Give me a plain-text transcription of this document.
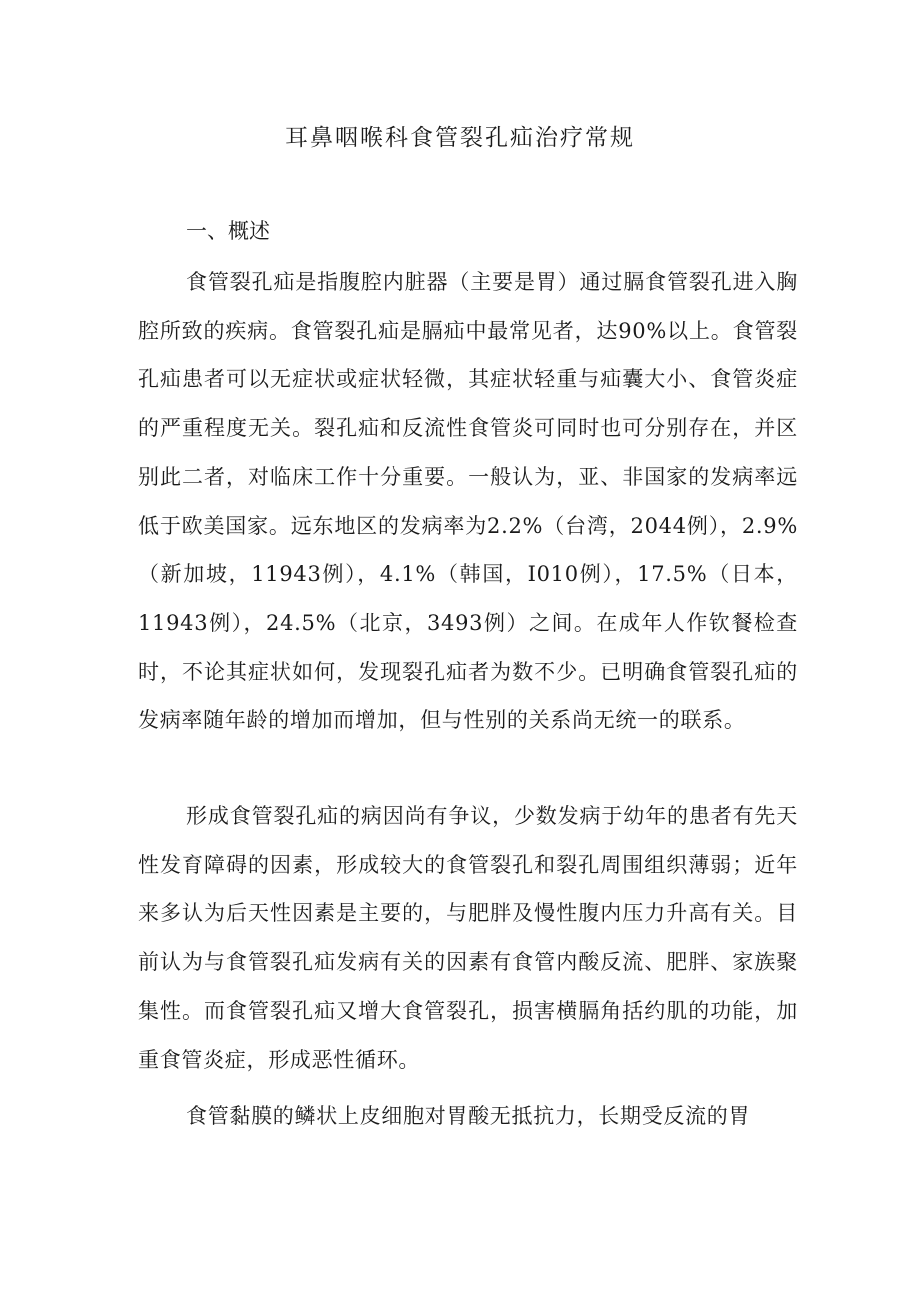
耳鼻咽喉科食管裂孔疝治疗常规
一、概述

食管裂孔疝是指腹腔内脏器（主要是胃）通过膈食管裂孔进入胸腔所致的疾病。食管裂孔疝是膈疝中最常见者，达90%以上。食管裂孔疝患者可以无症状或症状轻微，其症状轻重与疝囊大小、食管炎症的严重程度无关。裂孔疝和反流性食管炎可同时也可分别存在，并区别此二者，对临床工作十分重要。一般认为，亚、非国家的发病率远低于欧美国家。远东地区的发病率为2.2%（台湾，2044例），2.9%（新加坡，11943例），4.1%（韩国，I010例），17.5%（日本，11943例），24.5%（北京，3493例）之间。在成年人作钦餐检查时，不论其症状如何，发现裂孔疝者为数不少。已明确食管裂孔疝的发病率随年龄的增加而增加，但与性别的关系尚无统一的联系。

形成食管裂孔疝的病因尚有争议，少数发病于幼年的患者有先天性发育障碍的因素，形成较大的食管裂孔和裂孔周围组织薄弱；近年来多认为后天性因素是主要的，与肥胖及慢性腹内压力升高有关。目前认为与食管裂孔疝发病有关的因素有食管内酸反流、肥胖、家族聚集性。而食管裂孔疝又增大食管裂孔，损害横膈角括约肌的功能，加重食管炎症，形成恶性循环。

食管黏膜的鳞状上皮细胞对胃酸无抵抗力，长期受反流的胃
